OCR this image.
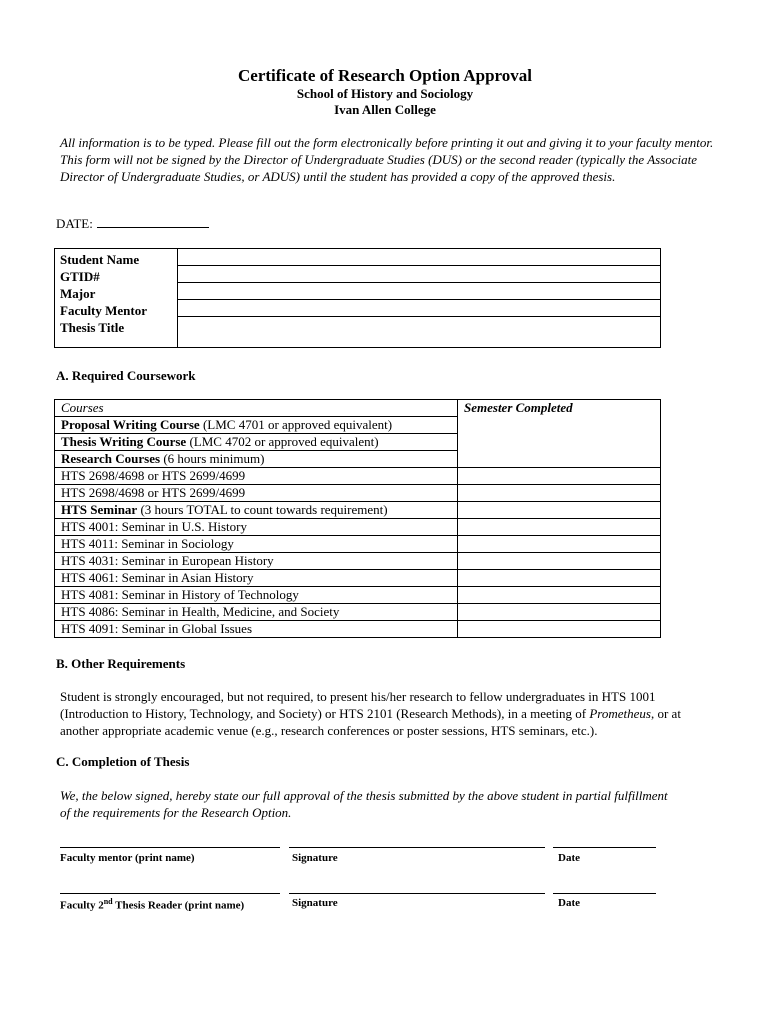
Certificate of Research Option Approval
School of History and Sociology
Ivan Allen College

All information is to be typed. Please fill out the form electronically before printing it out and giving it to your faculty mentor. This form will not be signed by the Director of Undergraduate Studies (DUS) or the second reader (typically the Associate Director of Undergraduate Studies, or ADUS) until the student has provided a copy of the approved thesis.

DATE:
Student Name
GTID#
Major
Faculty Mentor
Thesis Title

A. Required Coursework
Courses	Semester Completed
Proposal Writing Course (LMC 4701 or approved equivalent)	
Thesis Writing Course (LMC 4702 or approved equivalent)	
Research Courses (6 hours minimum)	
HTS 2698/4698 or HTS 2699/4699	
HTS 2698/4698 or HTS 2699/4699	
HTS Seminar (3 hours TOTAL to count towards requirement)	
HTS 4001: Seminar in U.S. History	
HTS 4011: Seminar in Sociology	
HTS 4031: Seminar in European History	
HTS 4061: Seminar in Asian History	
HTS 4081: Seminar in History of Technology	
HTS 4086: Seminar in Health, Medicine, and Society	
HTS 4091: Seminar in Global Issues	
B. Other Requirements

Student is strongly encouraged, but not required, to present his/her research to fellow undergraduates in HTS 1001 (Introduction to History, Technology, and Society) or HTS 2101 (Research Methods), in a meeting of Prometheus, or at another appropriate academic venue (e.g., research conferences or poster sessions, HTS seminars, etc.).

C. Completion of Thesis

We, the below signed, hereby state our full approval of the thesis submitted by the above student in partial fulfillment of the requirements for the Research Option.

Faculty mentor (print name)	Signature	Date
Faculty 2nd Thesis Reader (print name)	Signature	Date
